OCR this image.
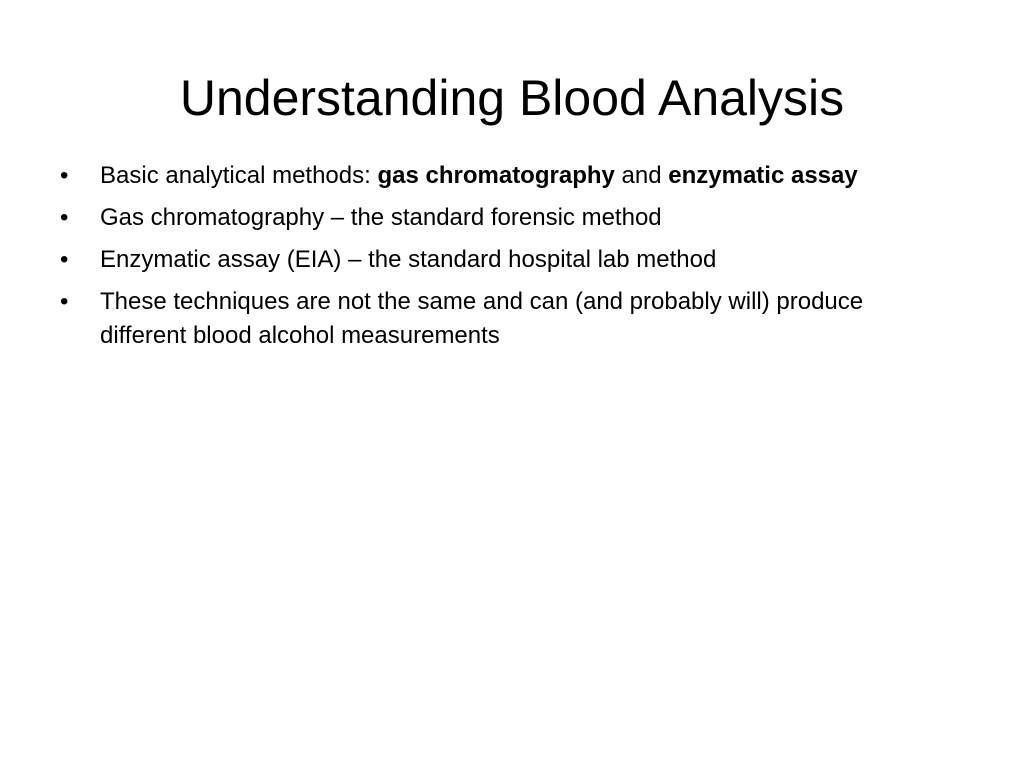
Understanding Blood Analysis
•	Basic analytical methods: gas chromatography and enzymatic assay
•	Gas chromatography – the standard forensic method
•	Enzymatic assay (EIA) – the standard hospital lab method
•	These techniques are not the same and can (and probably will) produce different blood alcohol measurements
